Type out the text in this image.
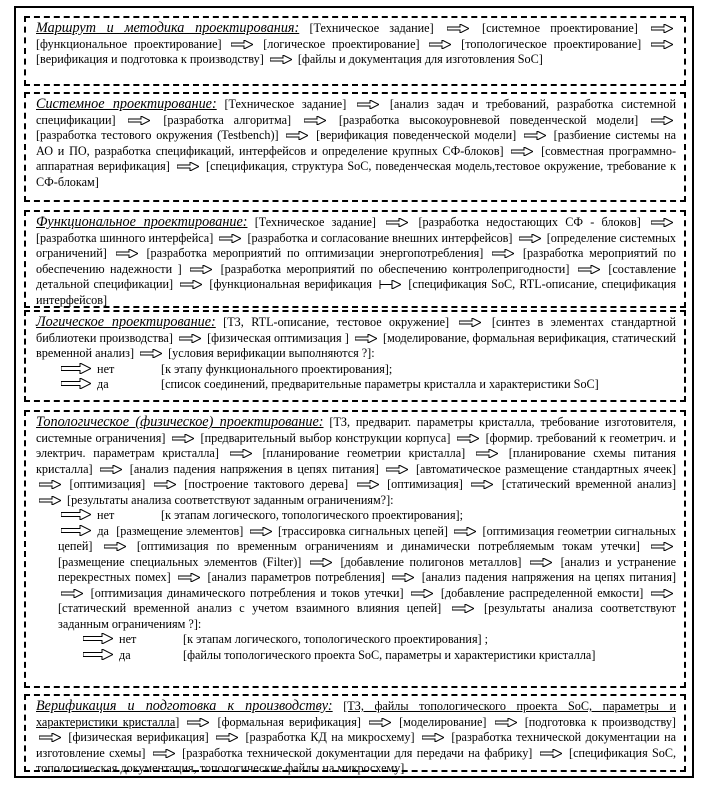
Маршрут и методика проектирования: [Техническое задание]	[системное проектирование]
[функциональное проектирование]	[логическое проектирование]	[топологическое проектирование]
[верификация и подготовка к производству]	[файлы и документация для изготовления SoC]
Системное проектирование: [Техническое задание]	[анализ задач и требований, разработка системной спецификации]	[разработка алгоритма]	[разработка высокоуровневой поведенческой модели]
[разработка тестового окружения (Testbench)]	[верификация поведенческой модели]	[разбиение системы на АО и ПО, разработка спецификаций, интерфейсов и определение крупных СФ-блоков]	[совместная программно-аппаратная верификация]	[спецификация, структура SoC, поведенческая модель,тестовое окружение, требование к СФ-блокам]
Функциональное проектирование: [Техническое задание]	[разработка недостающих СФ - блоков]
[разработка шинного интерфейса]	[разработка и согласование внешних интерфейсов]	[определение системных ограничений]	[разработка мероприятий по оптимизации энергопотребления]	[разработка мероприятий по обеспечению надежности ]	[разработка мероприятий по обеспечению контролепригодности]	[составление детальной спецификации]	[функциональная верификация	[спецификация SoC, RTL-описание, спецификация интерфейсов]
Логическое проектирование: [ТЗ, RTL-описание, тестовое окружение]	[синтез в элементах стандартной библиотеки производства]	[физическая оптимизация ]	[моделирование, формальная верификация, статический временной анализ]	[условия верификации выполняются ?]:
нет	[к этапу функционального проектирования];
да	[список соединений, предварительные параметры кристалла и характеристики SoC]
Топологическое (физическое) проектирование: [ТЗ, предварит. параметры кристалла, требование изготовителя, системные ограничения]	[предварительный выбор конструкции корпуса]	[формир. требований к геометрич. и электрич. параметрам кристалла]	[планирование геометрии кристалла]	[планирование схемы питания кристалла]	[анализ падения напряжения в цепях питания]	[автоматическое размещение стандартных ячеек]
[оптимизация]	[построение тактового дерева]	[оптимизация]	[статический временной анализ]
[результаты анализа соответствуют заданным ограничениям?]:
нет	[к этапам логического, топологического проектирования];
да [размещение элементов]	[трассировка сигнальных цепей]	[оптимизация геометрии сигнальных цепей]	[оптимизация по временным ограничениям и динамически потребляемым токам утечки]
[размещение специальных элементов (Filter)]	[добавление полигонов металлов]	[анализ и устранение перекрестных помех]	[анализ параметров потребления]	[анализ падения напряжения на цепях питания]
[оптимизация динамического потребления и токов утечки]	[добавление распределенной емкости]
[статический временной анализ с учетом взаимного влияния цепей]	[результаты анализа соответствуют заданным ограничениям ?]:
нет	[к этапам логического, топологического проектирования] ;
да	[файлы топологического проекта SoC, параметры и характеристики кристалла]
Верификация и подготовка к производству: [ТЗ, файлы топологического проекта SoC, параметры и характеристики кристалла]	[формальная верификация]	[моделирование]	[подготовка к производству]
[физическая верификация]	[разработка КД на микросхему]	[разработка технической документации на изготовление схемы]	[разработка технической документации для передачи на фабрику]	[спецификация SoC, топологическая документация, топологические файлы на микросхему]
